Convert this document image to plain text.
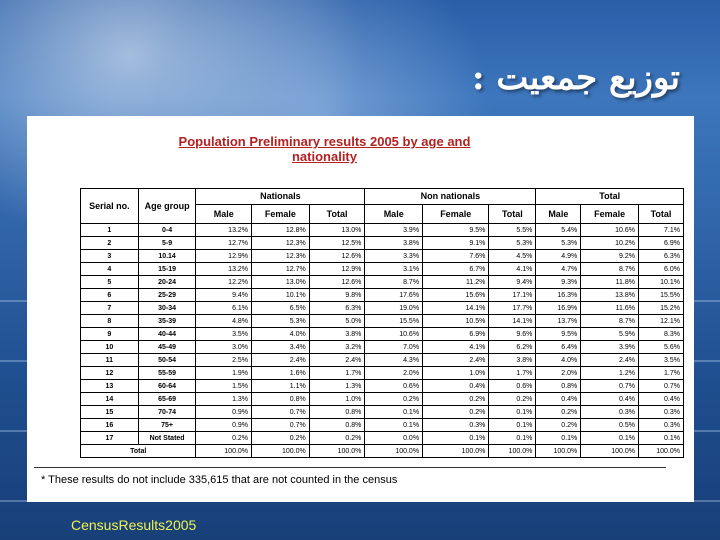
توزيع جمعيت :
Population Preliminary results 2005 by age and
nationality
Serial no.	Age group	Nationals			Non nationals			Total		
		Male	Female	Total	Male	Female	Total	Male	Female	Total
1	0-4	13.2%	12.8%	13.0%	3.9%	9.5%	5.5%	5.4%	10.6%	7.1%
2	5-9	12.7%	12.3%	12.5%	3.8%	9.1%	5.3%	5.3%	10.2%	6.9%
3	10.14	12.9%	12.3%	12.6%	3.3%	7.6%	4.5%	4.9%	9.2%	6.3%
4	15-19	13.2%	12.7%	12.9%	3.1%	6.7%	4.1%	4.7%	8.7%	6.0%
5	20-24	12.2%	13.0%	12.6%	8.7%	11.2%	9.4%	9.3%	11.8%	10.1%
6	25-29	9.4%	10.1%	9.8%	17.6%	15.6%	17.1%	16.3%	13.8%	15.5%
7	30-34	6.1%	6.5%	6.3%	19.0%	14.1%	17.7%	16.9%	11.6%	15.2%
8	35-39	4.8%	5.3%	5.0%	15.5%	10.5%	14.1%	13.7%	8.7%	12.1%
9	40-44	3.5%	4.0%	3.8%	10.6%	6.9%	9.6%	9.5%	5.9%	8.3%
10	45-49	3.0%	3.4%	3.2%	7.0%	4.1%	6.2%	6.4%	3.9%	5.6%
11	50-54	2.5%	2.4%	2.4%	4.3%	2.4%	3.8%	4.0%	2.4%	3.5%
12	55-59	1.9%	1.6%	1.7%	2.0%	1.0%	1.7%	2.0%	1.2%	1.7%
13	60-64	1.5%	1.1%	1.3%	0.6%	0.4%	0.6%	0.8%	0.7%	0.7%
14	65-69	1.3%	0.8%	1.0%	0.2%	0.2%	0.2%	0.4%	0.4%	0.4%
15	70-74	0.9%	0.7%	0.8%	0.1%	0.2%	0.1%	0.2%	0.3%	0.3%
16	75+	0.9%	0.7%	0.8%	0.1%	0.3%	0.1%	0.2%	0.5%	0.3%
17	Not Stated	0.2%	0.2%	0.2%	0.0%	0.1%	0.1%	0.1%	0.1%	0.1%
Total		100.0%	100.0%	100.0%	100.0%	100.0%	100.0%	100.0%	100.0%	100.0%
* These results do not include 335,615 that are not counted in the census
CensusResults2005
